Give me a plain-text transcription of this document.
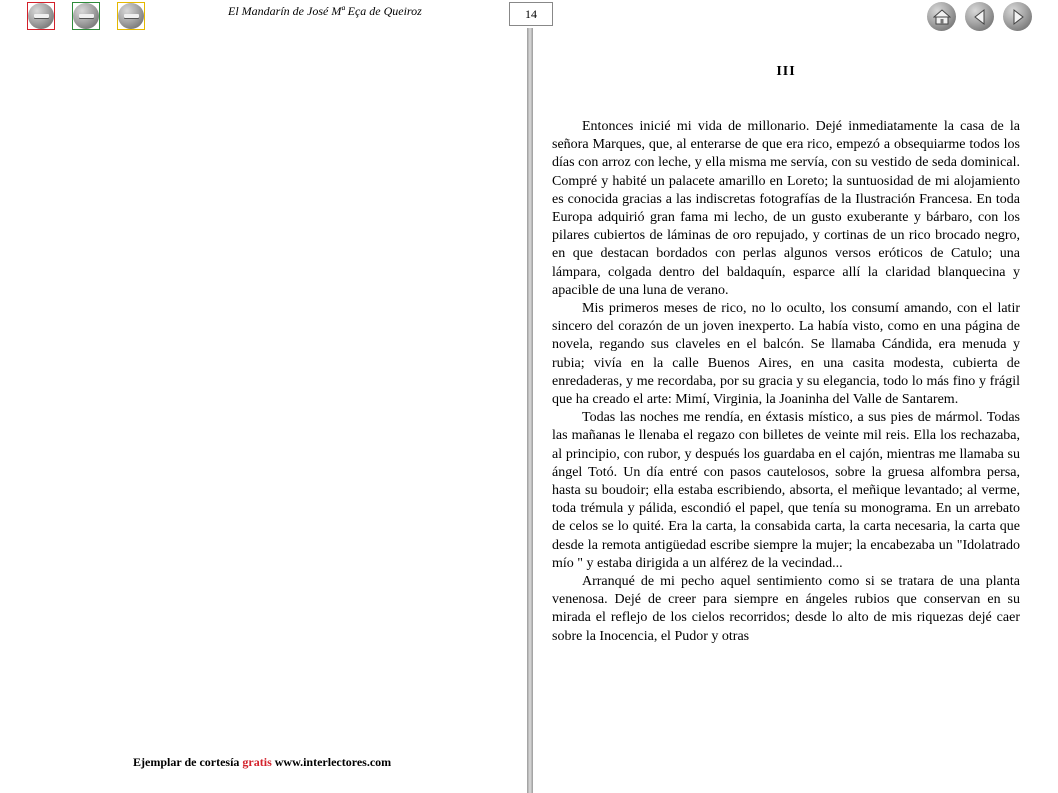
El Mandarín de José Mª Eça de Queiroz	14
III

Entonces inicié mi vida de millonario. Dejé inmediatamente la casa de la señora Marques, que, al enterarse de que era rico, empezó a obsequiarme todos los días con arroz con leche, y ella misma me servía, con su vestido de seda dominical. Compré y habité un palacete amarillo en Loreto; la suntuosidad de mi alojamiento es conocida gracias a las indiscretas fotografías de la Ilustración Francesa. En toda Europa adquirió gran fama mi lecho, de un gusto exuberante y bárbaro, con los pilares cubiertos de láminas de oro repujado, y cortinas de un rico brocado negro, en que destacan bordados con perlas algunos versos eróticos de Catulo; una lámpara, colgada dentro del baldaquín, esparce allí la claridad blanquecina y apacible de una luna de verano.

Mis primeros meses de rico, no lo oculto, los consumí amando, con el latir sincero del corazón de un joven inexperto. La había visto, como en una página de novela, regando sus claveles en el balcón. Se llamaba Cándida, era menuda y rubia; vivía en la calle Buenos Aires, en una casita modesta, cubierta de enredaderas, y me recordaba, por su gracia y su elegancia, todo lo más fino y frágil que ha creado el arte: Mimí, Virginia, la Joaninha del Valle de Santarem.

Todas las noches me rendía, en éxtasis místico, a sus pies de mármol. Todas las mañanas le llenaba el regazo con billetes de veinte mil reis. Ella los rechazaba, al principio, con rubor, y después los guardaba en el cajón, mientras me llamaba su ángel Totó. Un día entré con pasos cautelosos, sobre la gruesa alfombra persa, hasta su boudoir; ella estaba escribiendo, absorta, el meñique levantado; al verme, toda trémula y pálida, escondió el papel, que tenía su monograma. En un arrebato de celos se lo quité. Era la carta, la consabida carta, la carta necesaria, la carta que desde la remota antigüedad escribe siempre la mujer; la encabezaba un "Idolatrado mío " y estaba dirigida a un alférez de la vecindad...

Arranqué de mi pecho aquel sentimiento como si se tratara de una planta venenosa. Dejé de creer para siempre en ángeles rubios que conservan en su mirada el reflejo de los cielos recorridos; desde lo alto de mis riquezas dejé caer sobre la Inocencia, el Pudor y otras

Ejemplar de cortesía gratis www.interlectores.com
